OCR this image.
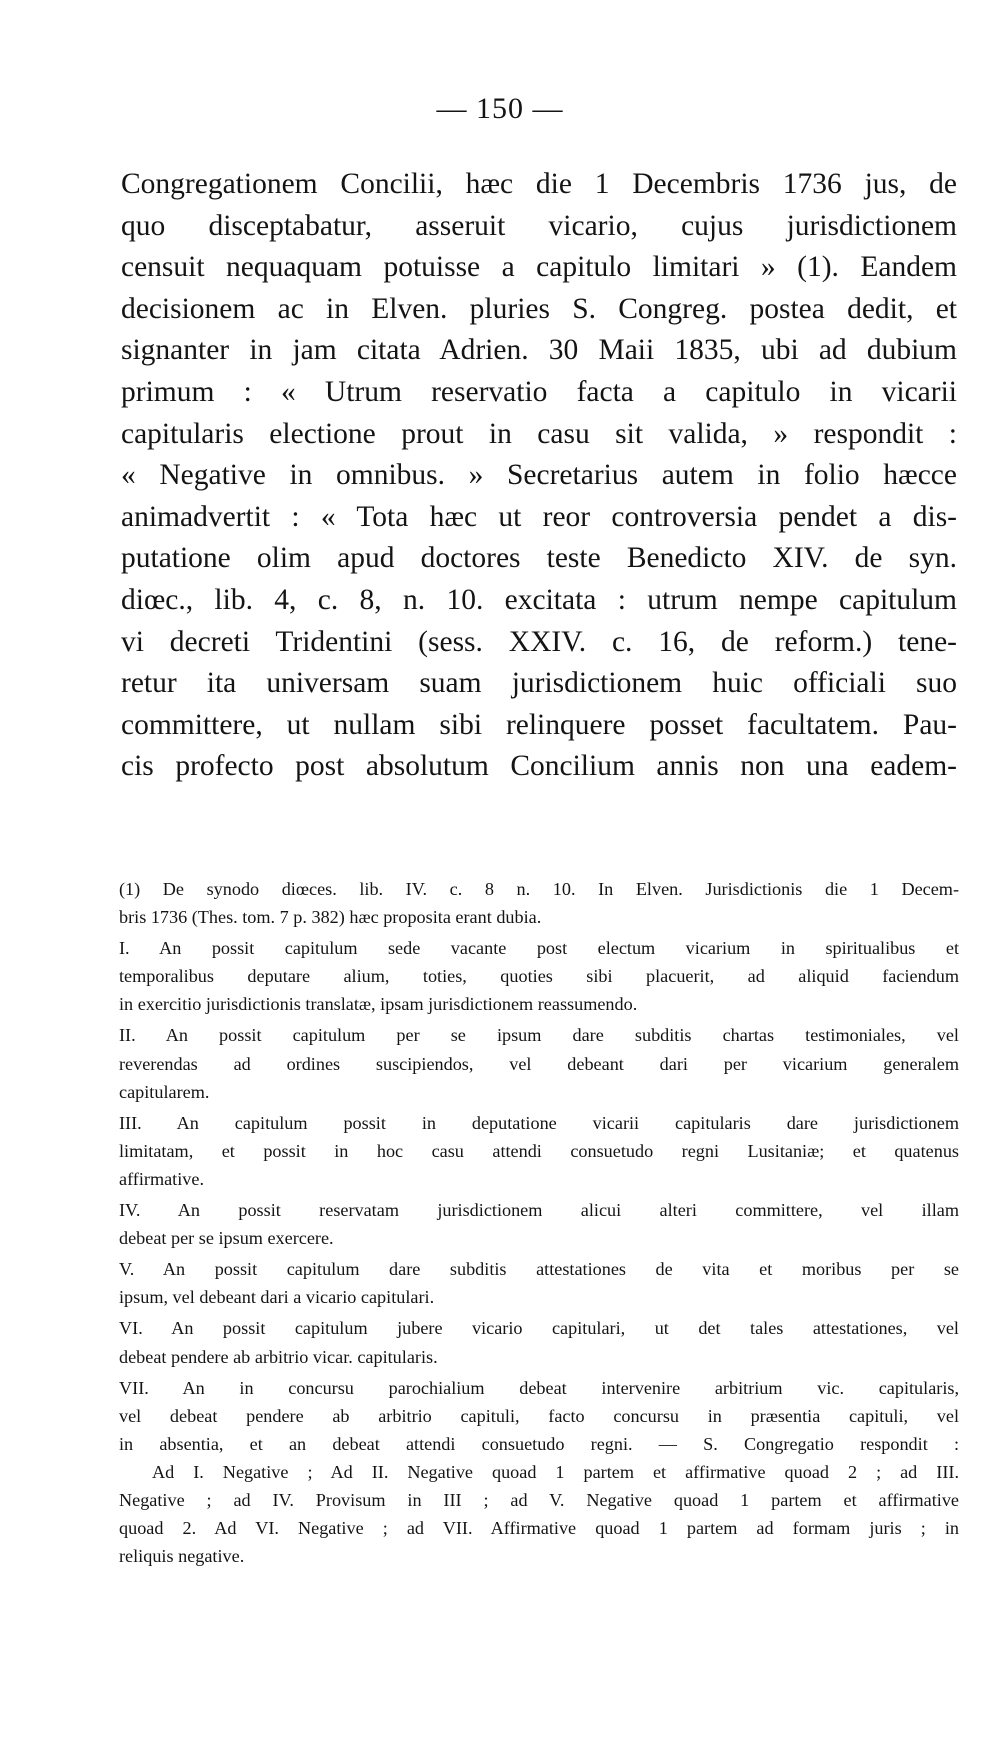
— 150 —
Congregationem Concilii, hæc die 1 Decembris 1736 jus, de
quo disceptabatur, asseruit vicario, cujus jurisdictionem
censuit nequaquam potuisse a capitulo limitari » (1). Eandem
decisionem ac in Elven. pluries S. Congreg. postea dedit, et
signanter in jam citata Adrien. 30 Maii 1835, ubi ad dubium
primum : « Utrum reservatio facta a capitulo in vicarii
capitularis electione prout in casu sit valida, » respondit :
« Negative in omnibus. » Secretarius autem in folio hæcce
animadvertit : « Tota hæc ut reor controversia pendet a dis-
putatione olim apud doctores teste Benedicto XIV. de syn.
diœc., lib. 4, c. 8, n. 10. excitata : utrum nempe capitulum
vi decreti Tridentini (sess. XXIV. c. 16, de reform.) tene-
retur ita universam suam jurisdictionem huic officiali suo
committere, ut nullam sibi relinquere posset facultatem. Pau-
cis profecto post absolutum Concilium annis non una eadem-
(1) De synodo diœces. lib. IV. c. 8 n. 10. In Elven. Jurisdictionis die 1 Decem-
bris 1736 (Thes. tom. 7 p. 382) hæc proposita erant dubia.
I. An possit capitulum sede vacante post electum vicarium in spiritualibus et
temporalibus deputare alium, toties, quoties sibi placuerit, ad aliquid faciendum
in exercitio jurisdictionis translatæ, ipsam jurisdictionem reassumendo.
II. An possit capitulum per se ipsum dare subditis chartas testimoniales, vel
reverendas ad ordines suscipiendos, vel debeant dari per vicarium generalem
capitularem.
III. An capitulum possit in deputatione vicarii capitularis dare jurisdictionem
limitatam, et possit in hoc casu attendi consuetudo regni Lusitaniæ; et quatenus
affirmative.
IV. An possit reservatam jurisdictionem alicui alteri committere, vel illam
debeat per se ipsum exercere.
V. An possit capitulum dare subditis attestationes de vita et moribus per se
ipsum, vel debeant dari a vicario capitulari.
VI. An possit capitulum jubere vicario capitulari, ut det tales attestationes, vel
debeat pendere ab arbitrio vicar. capitularis.
VII. An in concursu parochialium debeat intervenire arbitrium vic. capitularis,
vel debeat pendere ab arbitrio capituli, facto concursu in præsentia capituli, vel
in absentia, et an debeat attendi consuetudo regni. — S. Congregatio respondit :
Ad I. Negative ; Ad II. Negative quoad 1 partem et affirmative quoad 2 ; ad III.
Negative ; ad IV. Provisum in III ; ad V. Negative quoad 1 partem et affirmative
quoad 2. Ad VI. Negative ; ad VII. Affirmative quoad 1 partem ad formam juris ; in
reliquis negative.
